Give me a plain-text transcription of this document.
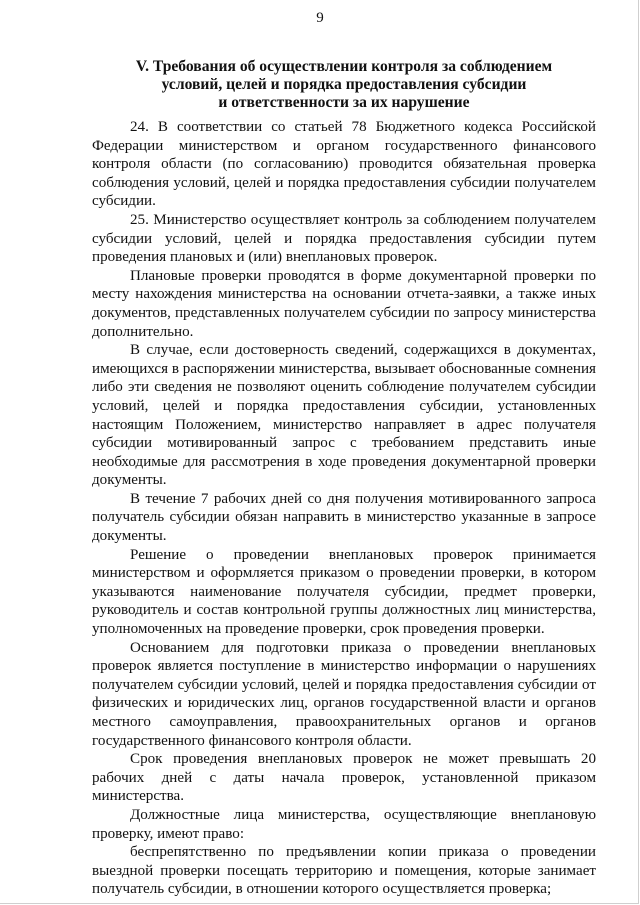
9
V. Требования об осуществлении контроля за соблюдением
условий, целей и порядка предоставления субсидии
и ответственности за их нарушение

24. В соответствии со статьей 78 Бюджетного кодекса Российской Федерации министерством и органом государственного финансового контроля области (по согласованию) проводится обязательная проверка соблюдения условий, целей и порядка предоставления субсидии получателем субсидии.

25. Министерство осуществляет контроль за соблюдением получателем субсидии условий, целей и порядка предоставления субсидии путем проведения плановых и (или) внеплановых проверок.

Плановые проверки проводятся в форме документарной проверки по месту нахождения министерства на основании отчета-заявки, а также иных документов, представленных получателем субсидии по запросу министерства дополнительно.

В случае, если достоверность сведений, содержащихся в документах, имеющихся в распоряжении министерства, вызывает обоснованные сомнения либо эти сведения не позволяют оценить соблюдение получателем субсидии условий, целей и порядка предоставления субсидии, установленных настоящим Положением, министерство направляет в адрес получателя субсидии мотивированный запрос с требованием представить иные необходимые для рассмотрения в ходе проведения документарной проверки документы.

В течение 7 рабочих дней со дня получения мотивированного запроса получатель субсидии обязан направить в министерство указанные в запросе документы.

Решение о проведении внеплановых проверок принимается министерством и оформляется приказом о проведении проверки, в котором указываются наименование получателя субсидии, предмет проверки, руководитель и состав контрольной группы должностных лиц министерства, уполномоченных на проведение проверки, срок проведения проверки.

Основанием для подготовки приказа о проведении внеплановых проверок является поступление в министерство информации о нарушениях получателем субсидии условий, целей и порядка предоставления субсидии от физических и юридических лиц, органов государственной власти и органов местного самоуправления, правоохранительных органов и органов государственного финансового контроля области.

Срок проведения внеплановых проверок не может превышать 20 рабочих дней с даты начала проверок, установленной приказом министерства.

Должностные лица министерства, осуществляющие внеплановую проверку, имеют право:

беспрепятственно по предъявлении копии приказа о проведении выездной проверки посещать территорию и помещения, которые занимает получатель субсидии, в отношении которого осуществляется проверка;
